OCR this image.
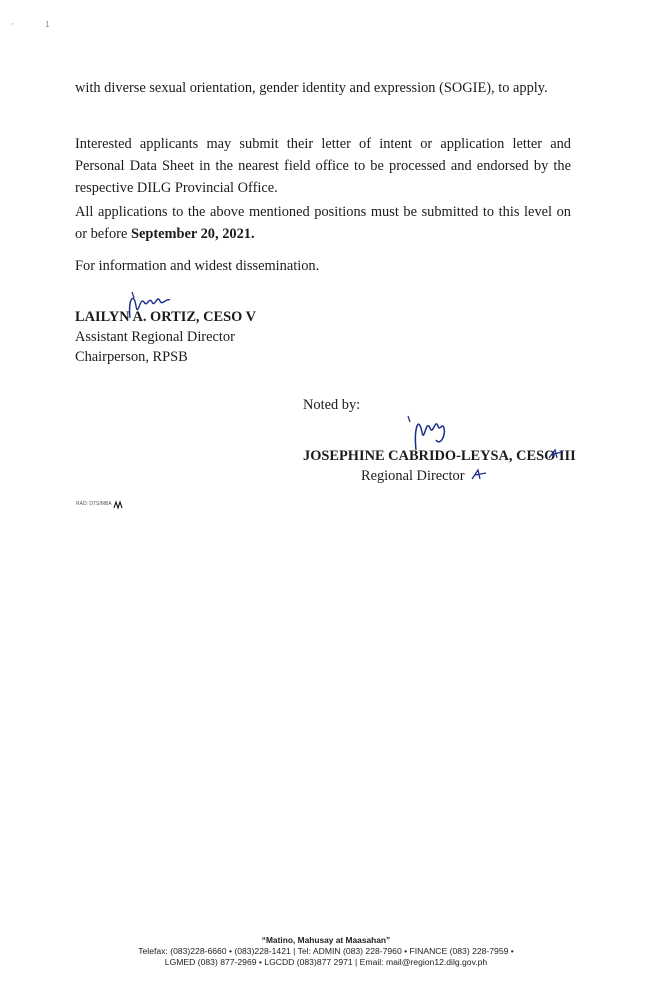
'	1

with diverse sexual orientation, gender identity and expression (SOGIE), to apply.

Interested applicants may submit their letter of intent or application letter and Personal Data Sheet in the nearest field office to be processed and endorsed by the respective DILG Provincial Office.

All applications to the above mentioned positions must be submitted to this level on or before September 20, 2021.

For information and widest dissemination.

LAILYN A. ORTIZ, CESO V
Assistant Regional Director
Chairperson, RPSB
Noted by:
JOSEPHINE CABRIDO-LEYSA, CESO III
Regional Director
RAD: DTS/MBA
“Matino, Mahusay at Maasahan”
Telefax: (083)228-6660 • (083)228-1421 | Tel: ADMIN (083) 228-7960 • FINANCE (083) 228-7959 •
LGMED (083) 877-2969 • LGCDD (083)877 2971 | Email: mail@region12.dilg.gov.ph
